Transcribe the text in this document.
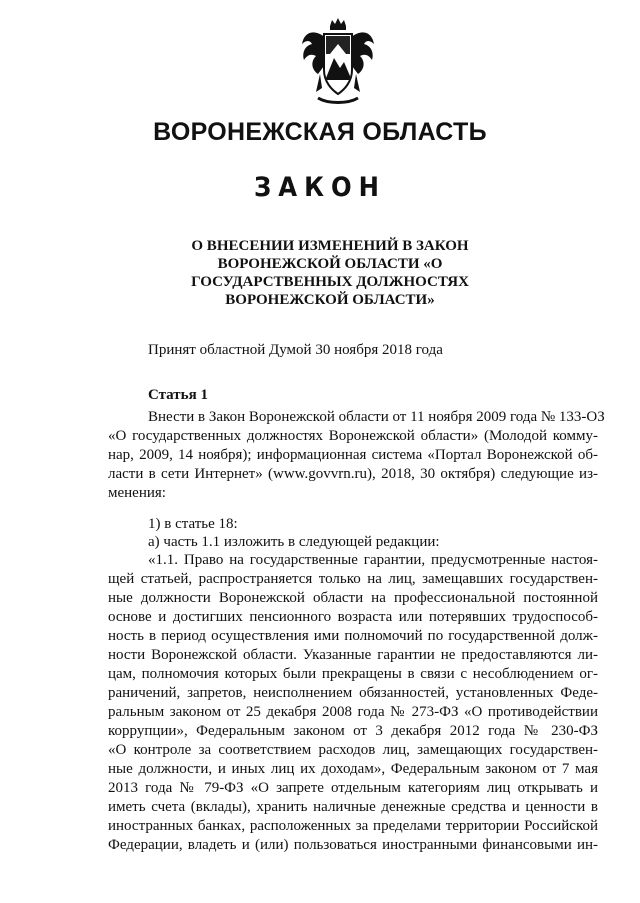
ВОРОНЕЖСКАЯ ОБЛАСТЬ
ЗАКОН
О ВНЕСЕНИИ ИЗМЕНЕНИЙ В ЗАКОН
ВОРОНЕЖСКОЙ ОБЛАСТИ «О
ГОСУДАРСТВЕННЫХ ДОЛЖНОСТЯХ
ВОРОНЕЖСКОЙ ОБЛАСТИ»
Принят областной Думой 30 ноября 2018 года
Статья 1
Внести в Закон Воронежской области от 11 ноября 2009 года № 133-ОЗ
«О государственных должностях Воронежской области» (Молодой комму-
нар, 2009, 14 ноября); информационная система «Портал Воронежской об-
ласти в сети Интернет» (www.govvrn.ru), 2018, 30 октября) следующие из-
менения:
1) в статье 18:
а) часть 1.1 изложить в следующей редакции:
«1.1. Право на государственные гарантии, предусмотренные настоя-
щей статьей, распространяется только на лиц, замещавших государствен-
ные должности Воронежской области на профессиональной постоянной
основе и достигших пенсионного возраста или потерявших трудоспособ-
ность в период осуществления ими полномочий по государственной долж-
ности Воронежской области. Указанные гарантии не предоставляются ли-
цам, полномочия которых были прекращены в связи с несоблюдением ог-
раничений, запретов, неисполнением обязанностей, установленных Феде-
ральным законом от 25 декабря 2008 года № 273-ФЗ «О противодействии
коррупции», Федеральным законом от 3 декабря 2012 года № 230-ФЗ
«О контроле за соответствием расходов лиц, замещающих государствен-
ные должности, и иных лиц их доходам», Федеральным законом от 7 мая
2013 года № 79-ФЗ «О запрете отдельным категориям лиц открывать и
иметь счета (вклады), хранить наличные денежные средства и ценности в
иностранных банках, расположенных за пределами территории Российской
Федерации, владеть и (или) пользоваться иностранными финансовыми ин-
